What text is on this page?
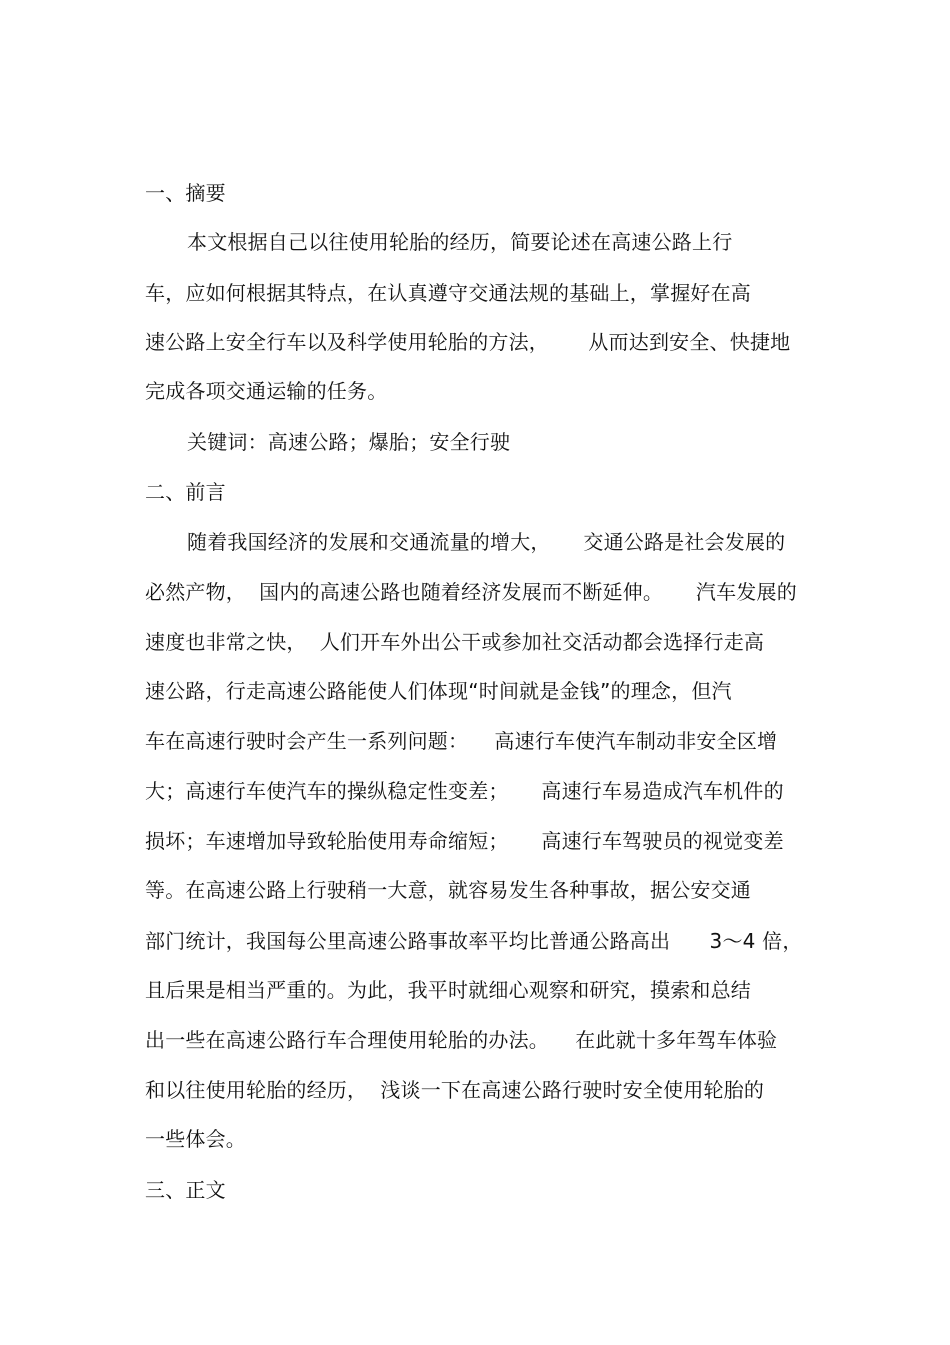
一、摘要
本文根据自己以往使用轮胎的经历，简要论述在高速公路上行
车，应如何根据其特点，在认真遵守交通法规的基础上，掌握好在高
速公路上安全行车以及科学使用轮胎的方法，      从而达到安全、快捷地
完成各项交通运输的任务。
关键词：高速公路；爆胎；安全行驶
二、前言
随着我国经济的发展和交通流量的增大，     交通公路是社会发展的
必然产物，  国内的高速公路也随着经济发展而不断延伸。     汽车发展的
速度也非常之快，  人们开车外出公干或参加社交活动都会选择行走高
速公路，行走高速公路能使人们体现“时间就是金钱”的理念，但汽
车在高速行驶时会产生一系列问题：    高速行车使汽车制动非安全区增
大；高速行车使汽车的操纵稳定性变差；     高速行车易造成汽车机件的
损坏；车速增加导致轮胎使用寿命缩短；     高速行车驾驶员的视觉变差
等。在高速公路上行驶稍一大意，就容易发生各种事故，据公安交通
部门统计，我国每公里高速公路事故率平均比普通公路高出      3～4 倍，
且后果是相当严重的。为此，我平时就细心观察和研究，摸索和总结
出一些在高速公路行车合理使用轮胎的办法。    在此就十多年驾车体验
和以往使用轮胎的经历，  浅谈一下在高速公路行驶时安全使用轮胎的
一些体会。
三、正文
